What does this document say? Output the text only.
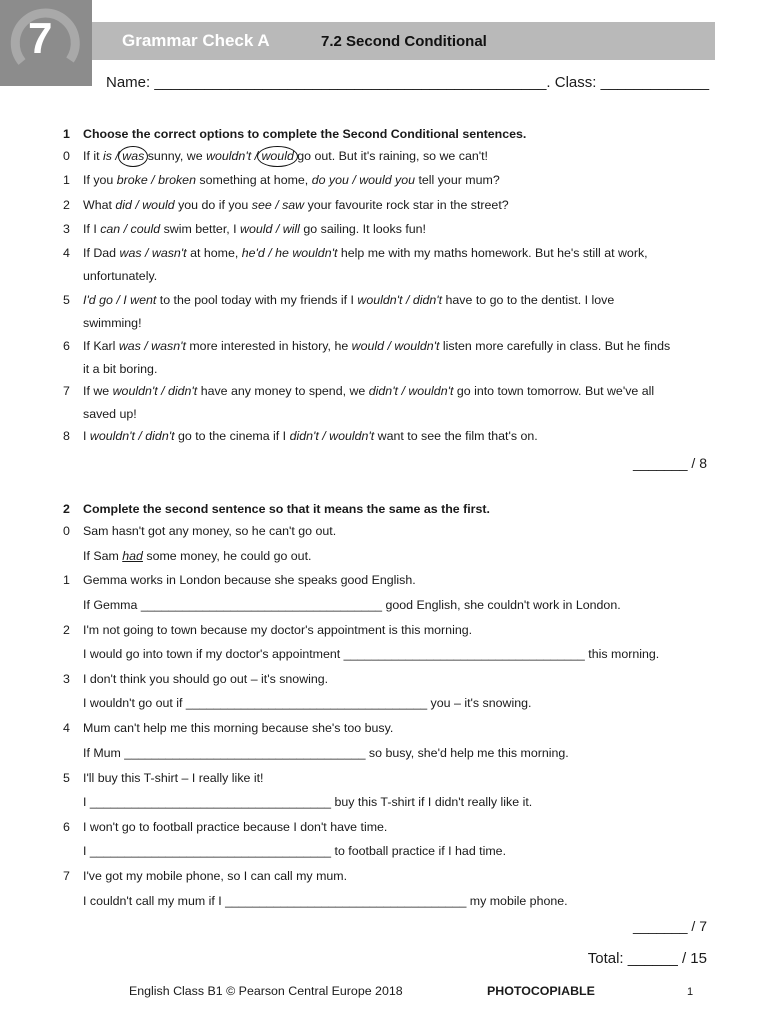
7	Grammar Check A	7.2 Second Conditional
Name: _______________________________________________. Class: _____________
1 Choose the correct options to complete the Second Conditional sentences.
0 If it is / was sunny, we wouldn't / would go out. But it's raining, so we can't!
1 If you broke / broken something at home, do you / would you tell your mum?
2 What did / would you do if you see / saw your favourite rock star in the street?
3 If I can / could swim better, I would / will go sailing. It looks fun!
4 If Dad was / wasn't at home, he'd / he wouldn't help me with my maths homework. But he's still at work,
unfortunately.
5 I'd go / I went to the pool today with my friends if I wouldn't / didn't have to go to the dentist. I love
swimming!
6 If Karl was / wasn't more interested in history, he would / wouldn't listen more carefully in class. But he finds
it a bit boring.
7 If we wouldn't / didn't have any money to spend, we didn't / wouldn't go into town tomorrow. But we've all
saved up!
8 I wouldn't / didn't go to the cinema if I didn't / wouldn't want to see the film that's on.
_______ / 8
2 Complete the second sentence so that it means the same as the first.
0 Sam hasn't got any money, so he can't go out.
If Sam had some money, he could go out.
1 Gemma works in London because she speaks good English.
If Gemma ___________________________________ good English, she couldn't work in London.
2 I'm not going to town because my doctor's appointment is this morning.
I would go into town if my doctor's appointment ___________________________________ this morning.
3 I don't think you should go out – it's snowing.
I wouldn't go out if ___________________________________ you – it's snowing.
4 Mum can't help me this morning because she's too busy.
If Mum ___________________________________ so busy, she'd help me this morning.
5 I'll buy this T-shirt – I really like it!
I ___________________________________ buy this T-shirt if I didn't really like it.
6 I won't go to football practice because I don't have time.
I ___________________________________ to football practice if I had time.
7 I've got my mobile phone, so I can call my mum.
I couldn't call my mum if I ___________________________________ my mobile phone.
_______ / 7
Total: ______ / 15
English Class B1 © Pearson Central Europe 2018	PHOTOCOPIABLE	1
